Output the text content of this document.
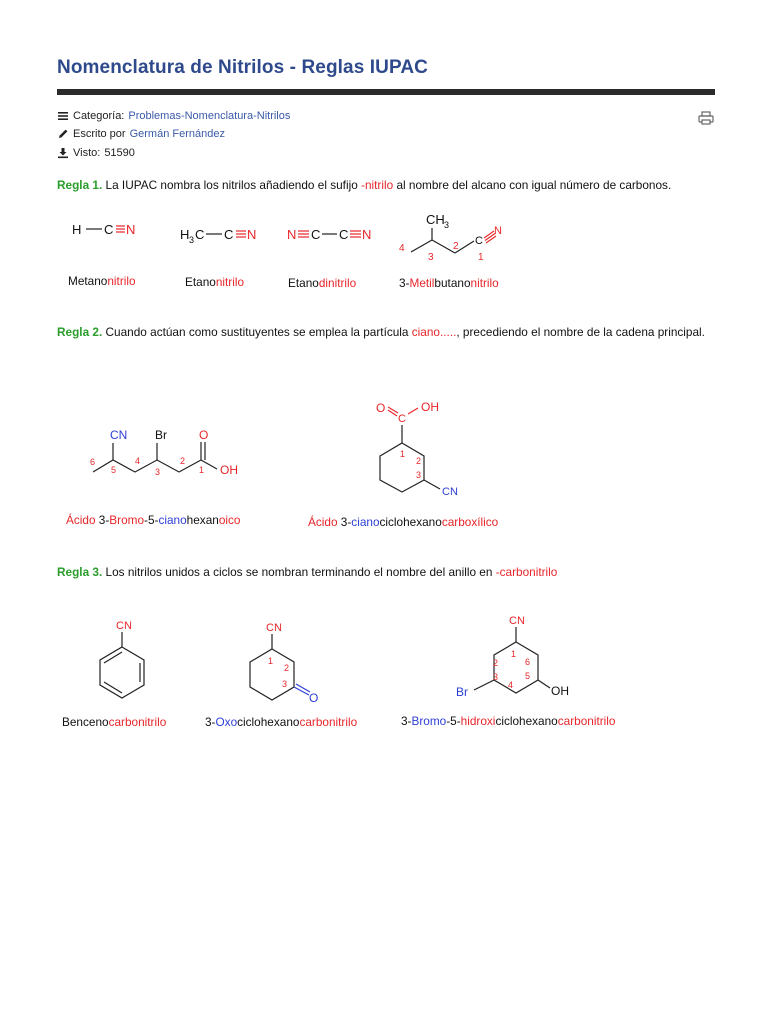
Nomenclatura de Nitrilos - Reglas IUPAC
Categoría: Problemas-Nomenclatura-Nitrilos
Escrito por Germán Fernández
Visto: 51590

Regla 1. La IUPAC nombra los nitrilos añadiendo el sufijo -nitrilo al nombre del alcano con igual número de carbonos.

H C N	H 3 C C N N C C N
CH 3
C
N
4
3
2
1
Metanonitrilo	Etanonitrilo	Etanodinitrilo	3-Metilbutanonitrilo

Regla 2. Cuando actúan como sustituyentes se emplea la partícula ciano....., precediendo el nombre de la cadena principal.

CN Br	O
OH
6
5
4
3
2
1
O
C
OH
CN
1
2
3
Ácido 3-Bromo-5-cianohexanoico	Ácido 3-cianociclohexanocarboxílico

Regla 3. Los nitrilos unidos a ciclos se nombran terminando el nombre del anillo en -carbonitrilo

CN	CN
O
1
2
3
CN
Br	OH
1
2
3
4
5
6
Bencenocarbonitrilo	3-Oxociclohexanocarbonitrilo	3-Bromo-5-hidroxiciclohexanocarbonitrilo
